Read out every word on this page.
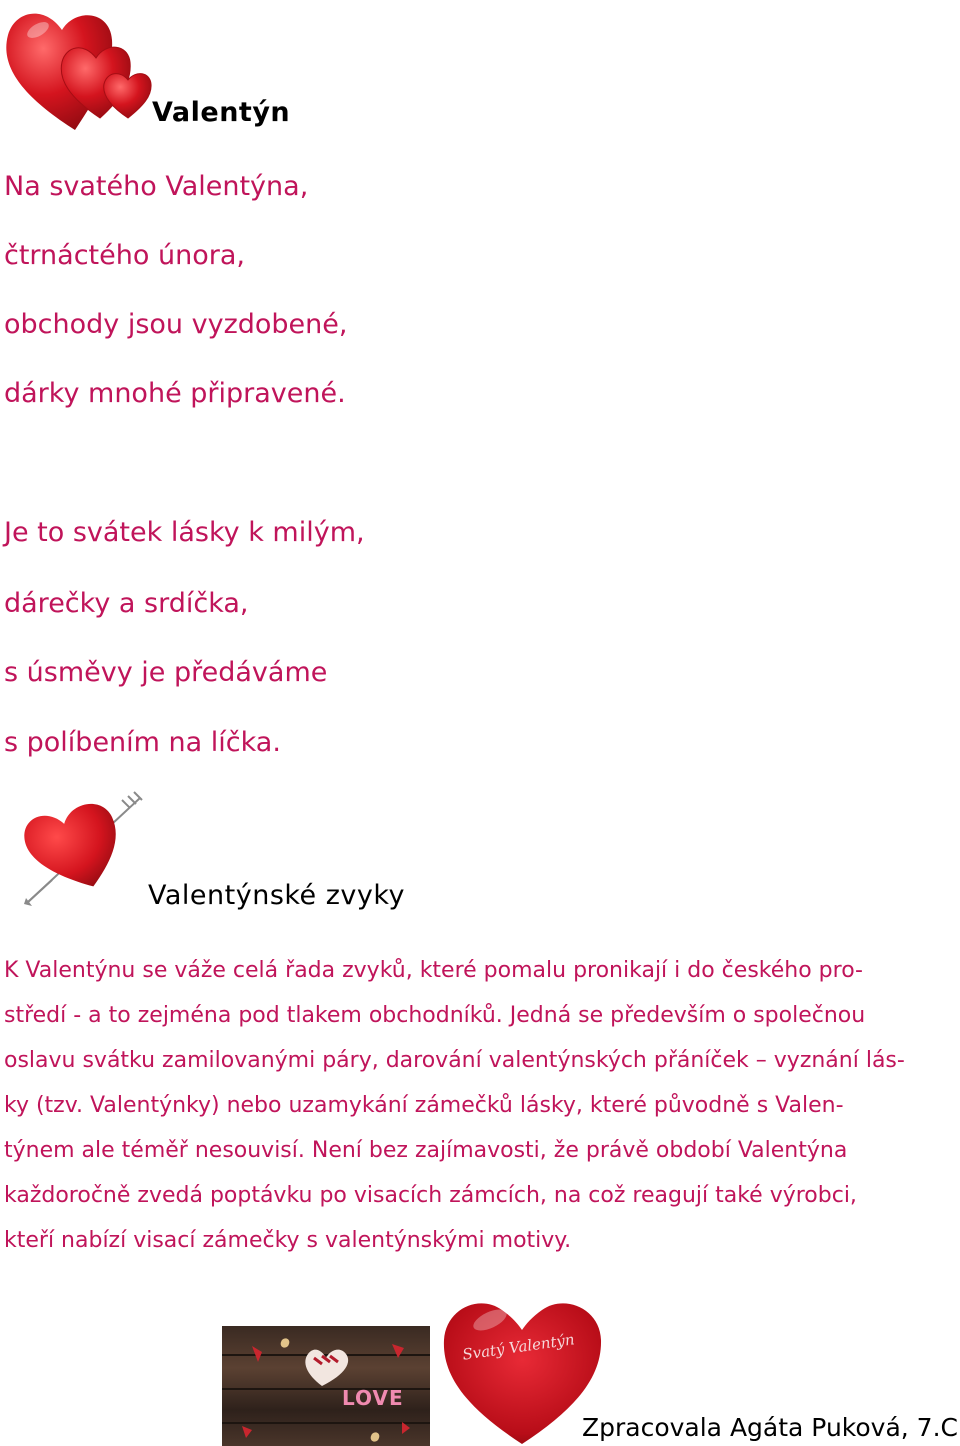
Valentýn
Na svatého Valentýna,
čtrnáctého února,
obchody jsou vyzdobené,
dárky mnohé připravené.
Je to svátek lásky k milým,
dárečky a srdíčka,
s úsměvy je předáváme
s políbením na líčka.
Valentýnské zvyky
K Valentýnu se váže celá řada zvyků, které pomalu pronikají i do českého pro-
středí - a to zejména pod tlakem obchodníků. Jedná se především o společnou
oslavu svátku zamilovanými páry, darování valentýnských přáníček – vyznání lás-
ky (tzv. Valentýnky) nebo uzamykání zámečků lásky, které původně s Valen-
týnem ale téměř nesouvisí. Není bez zajímavosti, že právě období Valentýna
každoročně zvedá poptávku po visacích zámcích, na což reagují také výrobci,
kteří nabízí visací zámečky s valentýnskými motivy.
LOVE
Svatý Valentýn
Zpracovala Agáta Puková, 7.C
